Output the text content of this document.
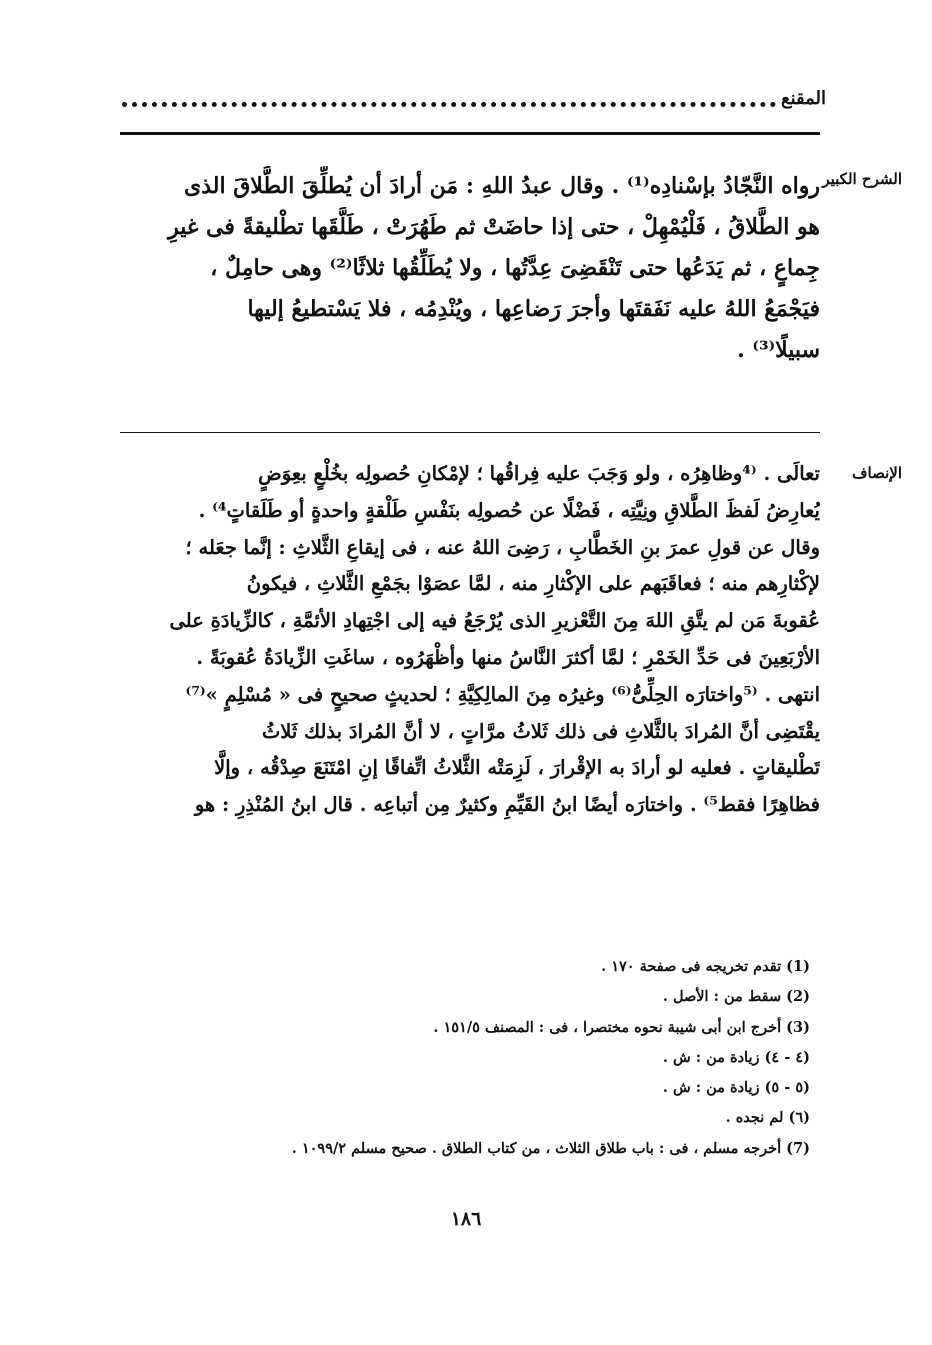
المقنع
الشرح الكبير
رواه النَّجّادُ بإسْنادِه⁽¹⁾ . وقال عبدُ اللهِ : مَن أرادَ أن يُطلِّقَ الطَّلاقَ الذى
هو الطَّلاقُ ، فَلْيُمْهِلْ ، حتى إذا حاضَتْ ثم طَهُرَتْ ، طَلَّقَها تطْليقةً فى غيرِ
جِماعٍ ، ثم يَدَعُها حتى تَنْقَضِىَ عِدَّتُها ، ولا يُطَلِّقُها ثلاثًا⁽²⁾ وهى حامِلٌ ،
فيَجْمَعُ اللهُ عليه نَفَقتَها وأجرَ رَضاعِها ، ويُنْدِمُه ، فلا يَسْتطيعُ إليها
سبيلًا⁽³⁾ .
الإنصاف
تعالَى . ⁽⁴وظاهِرُه ، ولو وَجَبَ عليه فِراقُها ؛ لإمْكانِ حُصولِه بخُلْعٍ بعِوَضٍ
يُعارِضُ لَفظَ الطَّلاقِ ونِيَّتِه ، فَضْلًا عن حُصولِه بنَفْسِ طَلْقةٍ واحدةٍ أو طَلَقاتٍ⁴⁾ .
وقال عن قولِ عمرَ بنِ الخَطَّابِ ، رَضِىَ اللهُ عنه ، فى إيقاعِ الثَّلاثِ : إنَّما جعَله ؛
لإكْثارِهم منه ؛ فعاقَبَهم على الإكْثارِ منه ، لمَّا عصَوْا بجَمْعِ الثَّلاثِ ، فيكونُ
عُقوبةَ مَن لم يتَّقِ اللهَ مِنَ التَّعْزيرِ الذى يُرْجَعُ فيه إلى اجْتِهادِ الأئمَّةِ ، كالزِّيادَةِ على
الأرْبَعِينَ فى حَدِّ الخَمْرِ ؛ لمَّا أكثرَ النَّاسُ منها وأظْهَرُوه ، ساغَتِ الزِّيادَةُ عُقوبَةً .
انتهى . ⁽⁵واختارَه الحِلِّىُّ⁽⁶⁾ وغيرُه مِنَ المالِكِيَّةِ ؛ لحديثٍ صحيحٍ فى « مُسْلِمٍ »⁽⁷⁾
يقْتَضِى أنَّ المُرادَ بالثَّلاثِ فى ذلك ثَلاثُ مرَّاتٍ ، لا أنَّ المُرادَ بذلك ثَلاثُ
تَطْليقاتٍ . فعليه لو أرادَ به الإقْرارَ ، لَزِمَتْه الثَّلاثُ اتِّفاقًا إنِ امْتَنَعَ صِدْقُه ، وإلَّا
فظاهِرًا فقط⁵⁾ . واختارَه أيضًا ابنُ القَيِّمِ وكثيرٌ مِن أتباعِه . قال ابنُ المُنْذِرِ : هو
(1) تقدم تخريجه فى صفحة ١٧٠ .
(2) سقط من : الأصل .
(3) أخرج ابن أبى شيبة نحوه مختصرا ، فى : المصنف ١٥١/٥ .
(٤ - ٤) زيادة من : ش .
(٥ - ٥) زيادة من : ش .
(٦) لم نجده .
(7) أخرجه مسلم ، فى : باب طلاق الثلاث ، من كتاب الطلاق . صحيح مسلم ١٠٩٩/٢ .
١٨٦
